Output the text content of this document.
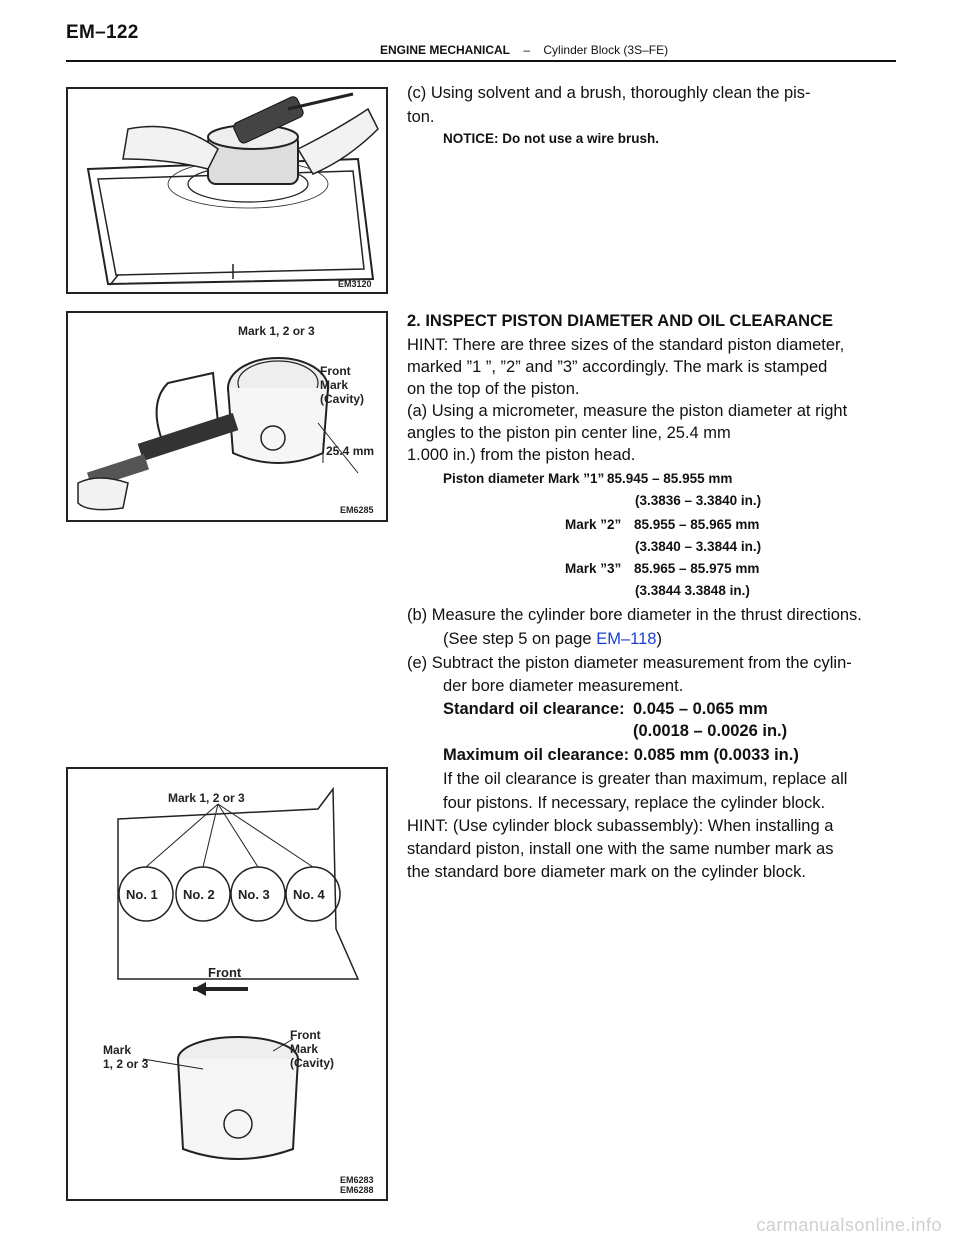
EM–122
ENGINE MECHANICAL – Cylinder Block (3S–FE)
EM3120
Mark 1, 2 or 3
Front
Mark
(Cavity)
25.4 mm
EM6285
Mark 1, 2 or 3
No. 1 No. 2 No. 3 No. 4
Front
Mark
1, 2 or 3
Front
Mark
(Cavity)
EM6283
EM6288
(c) Using solvent and a brush, thoroughly clean the pis-
ton.
NOTICE: Do not use a wire brush.
2. INSPECT PISTON DIAMETER AND OIL CLEARANCE
HINT: There are three sizes of the standard piston diameter,
marked ”1 ”, ”2” and ”3” accordingly. The mark is stamped
on the top of the piston.
(a) Using a micrometer, measure the piston diameter at right
angles to the piston pin center line, 25.4 mm
1.000 in.) from the piston head.
Piston diameter Mark ”1” 85.945 – 85.955 mm
(3.3836 – 3.3840 in.)
Mark ”2” 85.955 – 85.965 mm
(3.3840 – 3.3844 in.)
Mark ”3” 85.965 – 85.975 mm
(3.3844 3.3848 in.)
(b) Measure the cylinder bore diameter in the thrust directions.
(See step 5 on page EM–118)
(e) Subtract the piston diameter measurement from the cylin-
der bore diameter measurement.
Standard oil clearance: 0.045 – 0.065 mm
(0.0018 – 0.0026 in.)
Maximum oil clearance: 0.085 mm (0.0033 in.)
If the oil clearance is greater than maximum, replace all
four pistons. If necessary, replace the cylinder block.
HINT: (Use cylinder block subassembly): When installing a
standard piston, install one with the same number mark as
the standard bore diameter mark on the cylinder block.
carmanualsonline.info
